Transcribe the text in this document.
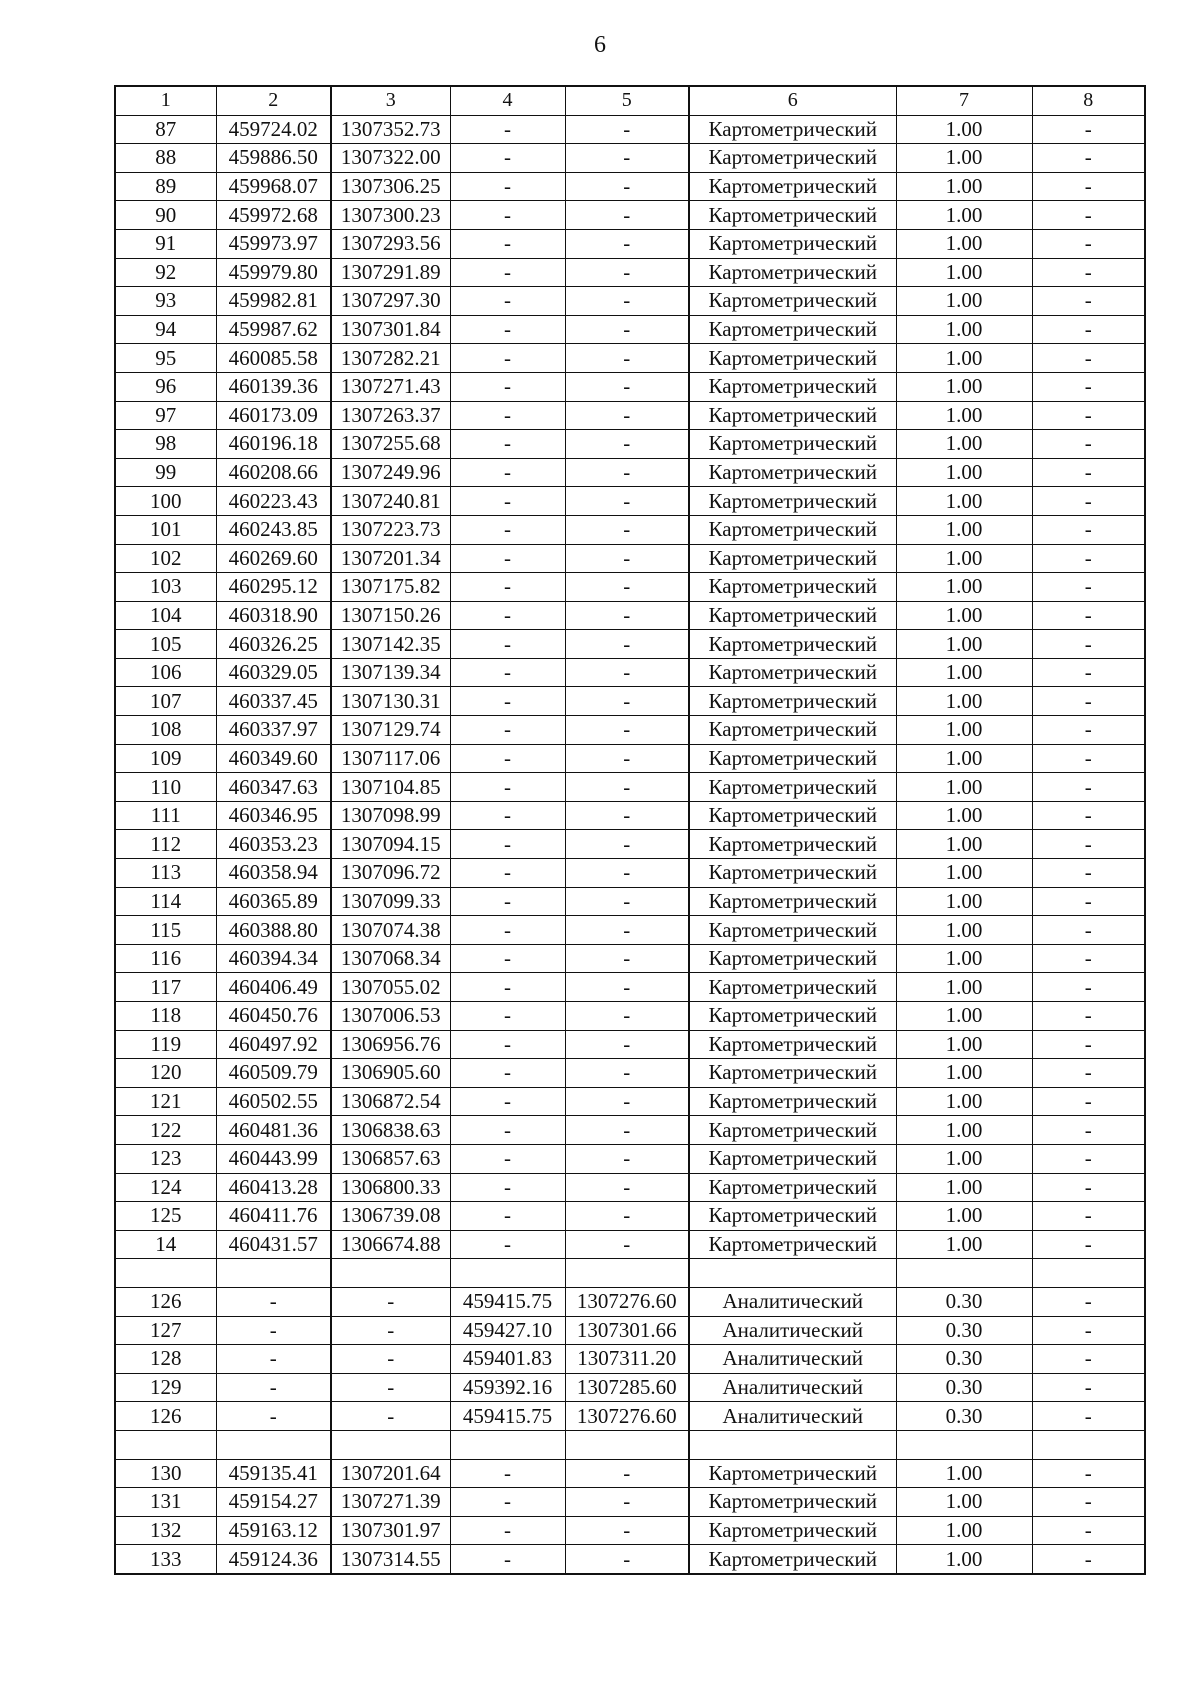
6
1	2	3	4	5	6	7	8
87	459724.02	1307352.73	-	-	Картометрический	1.00	-
88	459886.50	1307322.00	-	-	Картометрический	1.00	-
89	459968.07	1307306.25	-	-	Картометрический	1.00	-
90	459972.68	1307300.23	-	-	Картометрический	1.00	-
91	459973.97	1307293.56	-	-	Картометрический	1.00	-
92	459979.80	1307291.89	-	-	Картометрический	1.00	-
93	459982.81	1307297.30	-	-	Картометрический	1.00	-
94	459987.62	1307301.84	-	-	Картометрический	1.00	-
95	460085.58	1307282.21	-	-	Картометрический	1.00	-
96	460139.36	1307271.43	-	-	Картометрический	1.00	-
97	460173.09	1307263.37	-	-	Картометрический	1.00	-
98	460196.18	1307255.68	-	-	Картометрический	1.00	-
99	460208.66	1307249.96	-	-	Картометрический	1.00	-
100	460223.43	1307240.81	-	-	Картометрический	1.00	-
101	460243.85	1307223.73	-	-	Картометрический	1.00	-
102	460269.60	1307201.34	-	-	Картометрический	1.00	-
103	460295.12	1307175.82	-	-	Картометрический	1.00	-
104	460318.90	1307150.26	-	-	Картометрический	1.00	-
105	460326.25	1307142.35	-	-	Картометрический	1.00	-
106	460329.05	1307139.34	-	-	Картометрический	1.00	-
107	460337.45	1307130.31	-	-	Картометрический	1.00	-
108	460337.97	1307129.74	-	-	Картометрический	1.00	-
109	460349.60	1307117.06	-	-	Картометрический	1.00	-
110	460347.63	1307104.85	-	-	Картометрический	1.00	-
111	460346.95	1307098.99	-	-	Картометрический	1.00	-
112	460353.23	1307094.15	-	-	Картометрический	1.00	-
113	460358.94	1307096.72	-	-	Картометрический	1.00	-
114	460365.89	1307099.33	-	-	Картометрический	1.00	-
115	460388.80	1307074.38	-	-	Картометрический	1.00	-
116	460394.34	1307068.34	-	-	Картометрический	1.00	-
117	460406.49	1307055.02	-	-	Картометрический	1.00	-
118	460450.76	1307006.53	-	-	Картометрический	1.00	-
119	460497.92	1306956.76	-	-	Картометрический	1.00	-
120	460509.79	1306905.60	-	-	Картометрический	1.00	-
121	460502.55	1306872.54	-	-	Картометрический	1.00	-
122	460481.36	1306838.63	-	-	Картометрический	1.00	-
123	460443.99	1306857.63	-	-	Картометрический	1.00	-
124	460413.28	1306800.33	-	-	Картометрический	1.00	-
125	460411.76	1306739.08	-	-	Картометрический	1.00	-
14	460431.57	1306674.88	-	-	Картометрический	1.00	-

126	-	-	459415.75	1307276.60	Аналитический	0.30	-
127	-	-	459427.10	1307301.66	Аналитический	0.30	-
128	-	-	459401.83	1307311.20	Аналитический	0.30	-
129	-	-	459392.16	1307285.60	Аналитический	0.30	-
126	-	-	459415.75	1307276.60	Аналитический	0.30	-

130	459135.41	1307201.64	-	-	Картометрический	1.00	-
131	459154.27	1307271.39	-	-	Картометрический	1.00	-
132	459163.12	1307301.97	-	-	Картометрический	1.00	-
133	459124.36	1307314.55	-	-	Картометрический	1.00	-
